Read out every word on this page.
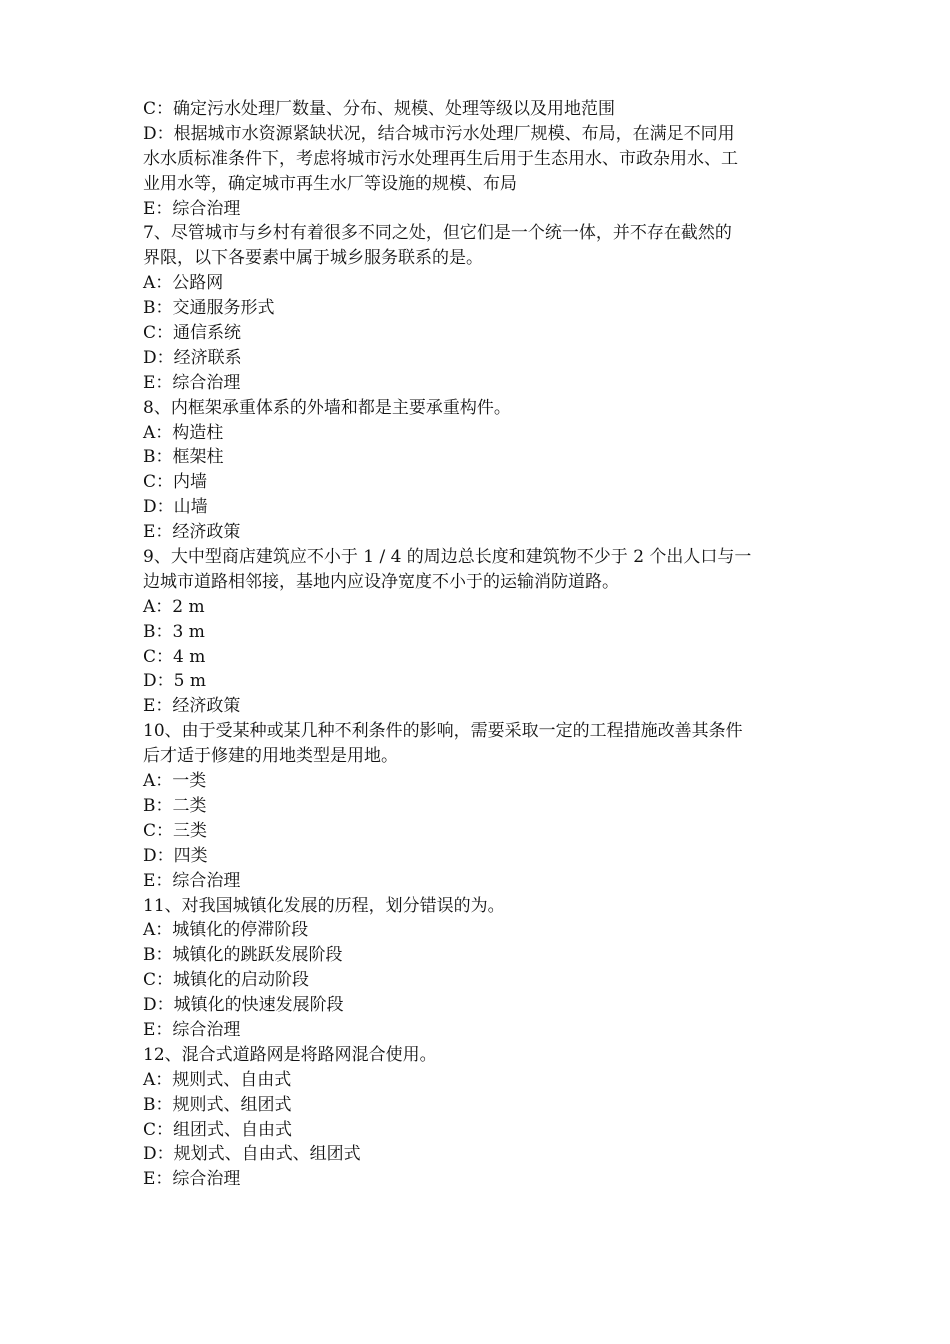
C：确定污水处理厂数量、分布、规模、处理等级以及用地范围
D：根据城市水资源紧缺状况，结合城市污水处理厂规模、布局，在满足不同用
水水质标准条件下，考虑将城市污水处理再生后用于生态用水、市政杂用水、工
业用水等，确定城市再生水厂等设施的规模、布局
E：综合治理
7、尽管城市与乡村有着很多不同之处，但它们是一个统一体，并不存在截然的
界限，以下各要素中属于城乡服务联系的是。
A：公路网
B：交通服务形式
C：通信系统
D：经济联系
E：综合治理
8、内框架承重体系的外墙和都是主要承重构件。
A：构造柱
B：框架柱
C：内墙
D：山墙
E：经济政策
9、大中型商店建筑应不小于 1 / 4 的周边总长度和建筑物不少于 2 个出人口与一
边城市道路相邻接，基地内应设净宽度不小于的运输消防道路。
A：2 m
B：3 m
C：4 m
D：5 m
E：经济政策
10、由于受某种或某几种不利条件的影响，需要采取一定的工程措施改善其条件
后才适于修建的用地类型是用地。
A：一类
B：二类
C：三类
D：四类
E：综合治理
11、对我国城镇化发展的历程，划分错误的为。
A：城镇化的停滞阶段
B：城镇化的跳跃发展阶段
C：城镇化的启动阶段
D：城镇化的快速发展阶段
E：综合治理
12、混合式道路网是将路网混合使用。
A：规则式、自由式
B：规则式、组团式
C：组团式、自由式
D：规划式、自由式、组团式
E：综合治理
